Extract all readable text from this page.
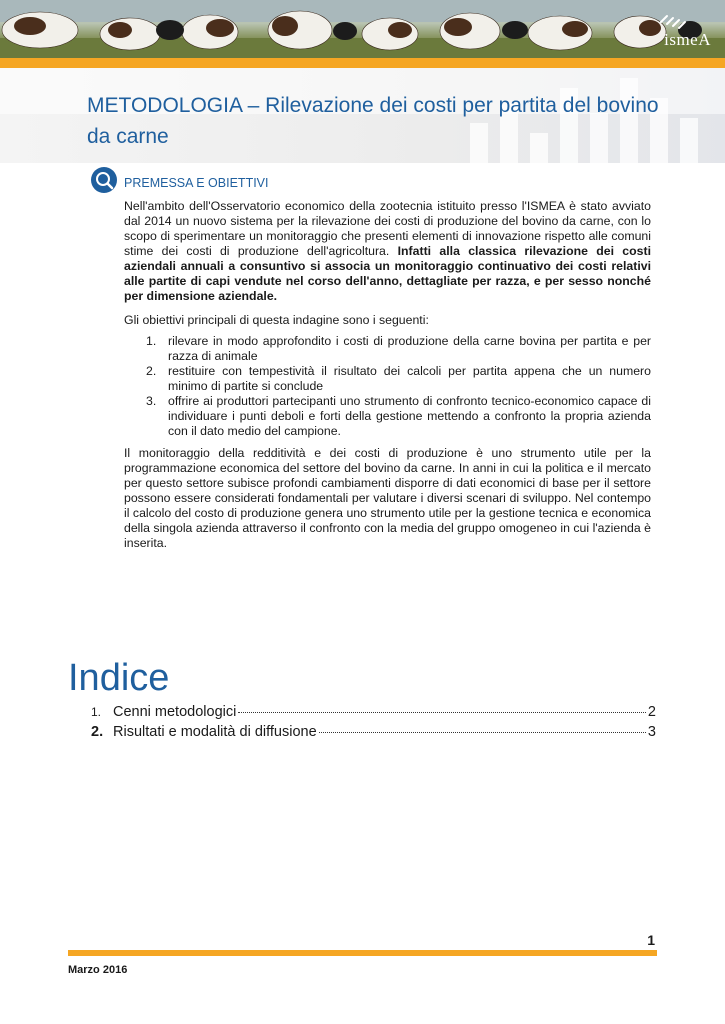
ismeA
METODOLOGIA – Rilevazione dei costi per partita del bovino da carne
PREMESSA E OBIETTIVI

Nell'ambito dell'Osservatorio economico della zootecnia istituito presso l'ISMEA è stato avviato dal 2014 un nuovo sistema per la rilevazione dei costi di produzione del bovino da carne, con lo scopo di sperimentare un monitoraggio che presenti elementi di innovazione rispetto alle comuni stime dei costi di produzione dell'agricoltura. Infatti alla classica rilevazione dei costi aziendali annuali a consuntivo si associa un monitoraggio continuativo dei costi relativi alle partite di capi vendute nel corso dell'anno, dettagliate per razza, e per sesso nonché per dimensione aziendale.

Gli obiettivi principali di questa indagine sono i seguenti:

1. rilevare in modo approfondito i costi di produzione della carne bovina per partita e per razza di animale
2. restituire con tempestività il risultato dei calcoli per partita appena che un numero minimo di partite si conclude
3. offrire ai produttori partecipanti uno strumento di confronto tecnico-economico capace di individuare i punti deboli e forti della gestione mettendo a confronto la propria azienda con il dato medio del campione.

Il monitoraggio della redditività e dei costi di produzione è uno strumento utile per la programmazione economica del settore del bovino da carne. In anni in cui la politica e il mercato per questo settore subisce profondi cambiamenti disporre di dati economici di base per il settore possono essere considerati fondamentali per valutare i diversi scenari di sviluppo. Nel contempo il calcolo del costo di produzione genera uno strumento utile per la gestione tecnica e economica della singola azienda attraverso il confronto con la media del gruppo omogeneo in cui l'azienda è inserita.

Indice
1. Cenni metodologici	2
2. Risultati e modalità di diffusione	3
1
Marzo 2016
